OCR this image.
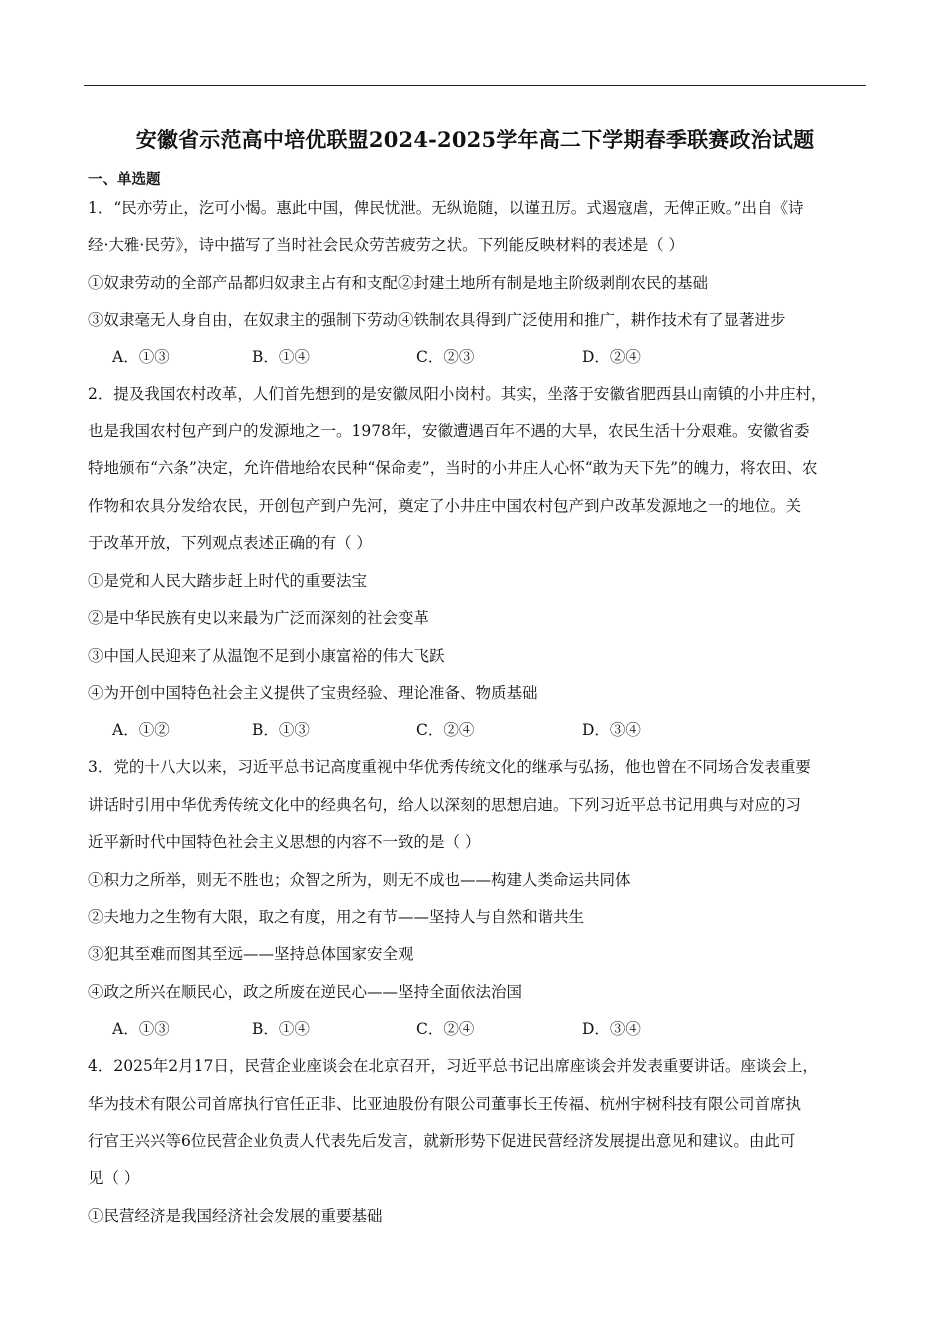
安徽省示范高中培优联盟2024-2025学年高二下学期春季联赛政治试题
一、单选题
1．“民亦劳止，汔可小愒。惠此中国，俾民忧泄。无纵诡随，以谨丑厉。式遏寇虐，无俾正败。”出自《诗
经·大雅·民劳》，诗中描写了当时社会民众劳苦疲劳之状。下列能反映材料的表述是（ ）
①奴隶劳动的全部产品都归奴隶主占有和支配②封建土地所有制是地主阶级剥削农民的基础
③奴隶毫无人身自由，在奴隶主的强制下劳动④铁制农具得到广泛使用和推广，耕作技术有了显著进步
A．①③	B．①④	C．②③	D．②④
2．提及我国农村改革，人们首先想到的是安徽凤阳小岗村。其实，坐落于安徽省肥西县山南镇的小井庄村，
也是我国农村包产到户的发源地之一。1978年，安徽遭遇百年不遇的大旱，农民生活十分艰难。安徽省委
特地颁布“六条”决定，允许借地给农民种“保命麦”，当时的小井庄人心怀“敢为天下先”的魄力，将农田、农
作物和农具分发给农民，开创包产到户先河，奠定了小井庄中国农村包产到户改革发源地之一的地位。关
于改革开放，下列观点表述正确的有（ ）
①是党和人民大踏步赶上时代的重要法宝
②是中华民族有史以来最为广泛而深刻的社会变革
③中国人民迎来了从温饱不足到小康富裕的伟大飞跃
④为开创中国特色社会主义提供了宝贵经验、理论准备、物质基础
A．①②	B．①③	C．②④	D．③④
3．党的十八大以来，习近平总书记高度重视中华优秀传统文化的继承与弘扬，他也曾在不同场合发表重要
讲话时引用中华优秀传统文化中的经典名句，给人以深刻的思想启迪。下列习近平总书记用典与对应的习
近平新时代中国特色社会主义思想的内容不一致的是（ ）
①积力之所举，则无不胜也；众智之所为，则无不成也——构建人类命运共同体
②夫地力之生物有大限，取之有度，用之有节——坚持人与自然和谐共生
③犯其至难而图其至远——坚持总体国家安全观
④政之所兴在顺民心，政之所废在逆民心——坚持全面依法治国
A．①③	B．①④	C．②④	D．③④
4．2025年2月17日，民营企业座谈会在北京召开，习近平总书记出席座谈会并发表重要讲话。座谈会上，
华为技术有限公司首席执行官任正非、比亚迪股份有限公司董事长王传福、杭州宇树科技有限公司首席执
行官王兴兴等6位民营企业负责人代表先后发言，就新形势下促进民营经济发展提出意见和建议。由此可
见（ ）
①民营经济是我国经济社会发展的重要基础
